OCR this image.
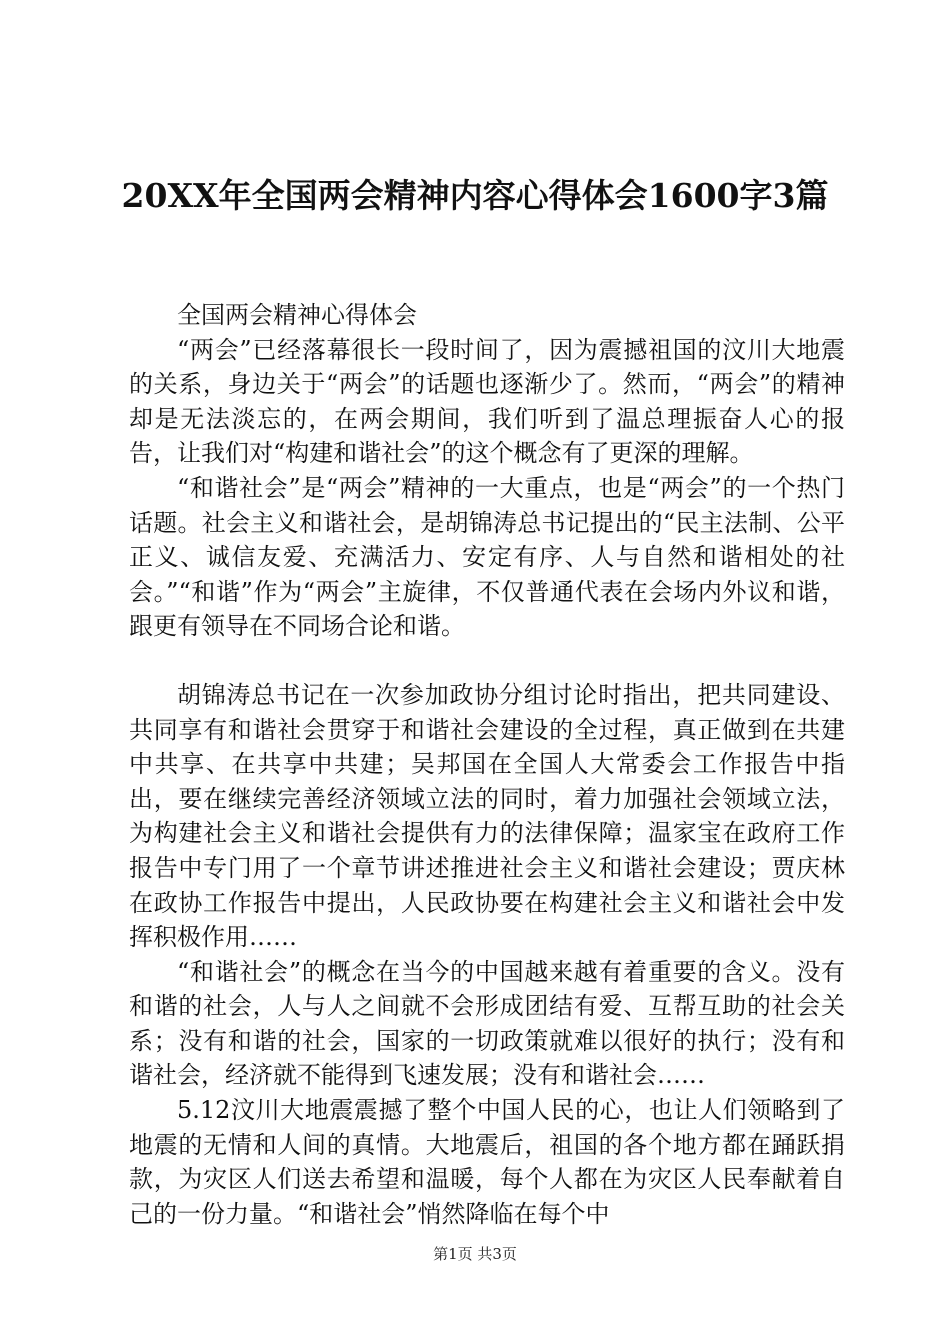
20XX年全国两会精神内容心得体会1600字3篇

全国两会精神心得体会

“两会”已经落幕很长一段时间了，因为震撼祖国的汶川大地震的关系，身边关于“两会”的话题也逐渐少了。然而，“两会”的精神却是无法淡忘的，在两会期间，我们听到了温总理振奋人心的报告，让我们对“构建和谐社会”的这个概念有了更深的理解。

“和谐社会”是“两会”精神的一大重点，也是“两会”的一个热门话题。社会主义和谐社会，是胡锦涛总书记提出的“民主法制、公平正义、诚信友爱、充满活力、安定有序、人与自然和谐相处的社会。”“和谐”作为“两会”主旋律，不仅普通代表在会场内外议和谐，跟更有领导在不同场合论和谐。

胡锦涛总书记在一次参加政协分组讨论时指出，把共同建设、共同享有和谐社会贯穿于和谐社会建设的全过程，真正做到在共建中共享、在共享中共建；吴邦国在全国人大常委会工作报告中指出，要在继续完善经济领域立法的同时，着力加强社会领域立法，为构建社会主义和谐社会提供有力的法律保障；温家宝在政府工作报告中专门用了一个章节讲述推进社会主义和谐社会建设；贾庆林在政协工作报告中提出，人民政协要在构建社会主义和谐社会中发挥积极作用……

“和谐社会”的概念在当今的中国越来越有着重要的含义。没有和谐的社会，人与人之间就不会形成团结有爱、互帮互助的社会关系；没有和谐的社会，国家的一切政策就难以很好的执行；没有和谐社会，经济就不能得到飞速发展；没有和谐社会……

5.12汶川大地震震撼了整个中国人民的心，也让人们领略到了地震的无情和人间的真情。大地震后，祖国的各个地方都在踊跃捐款，为灾区人们送去希望和温暖，每个人都在为灾区人民奉献着自己的一份力量。“和谐社会”悄然降临在每个中

第1页 共3页
